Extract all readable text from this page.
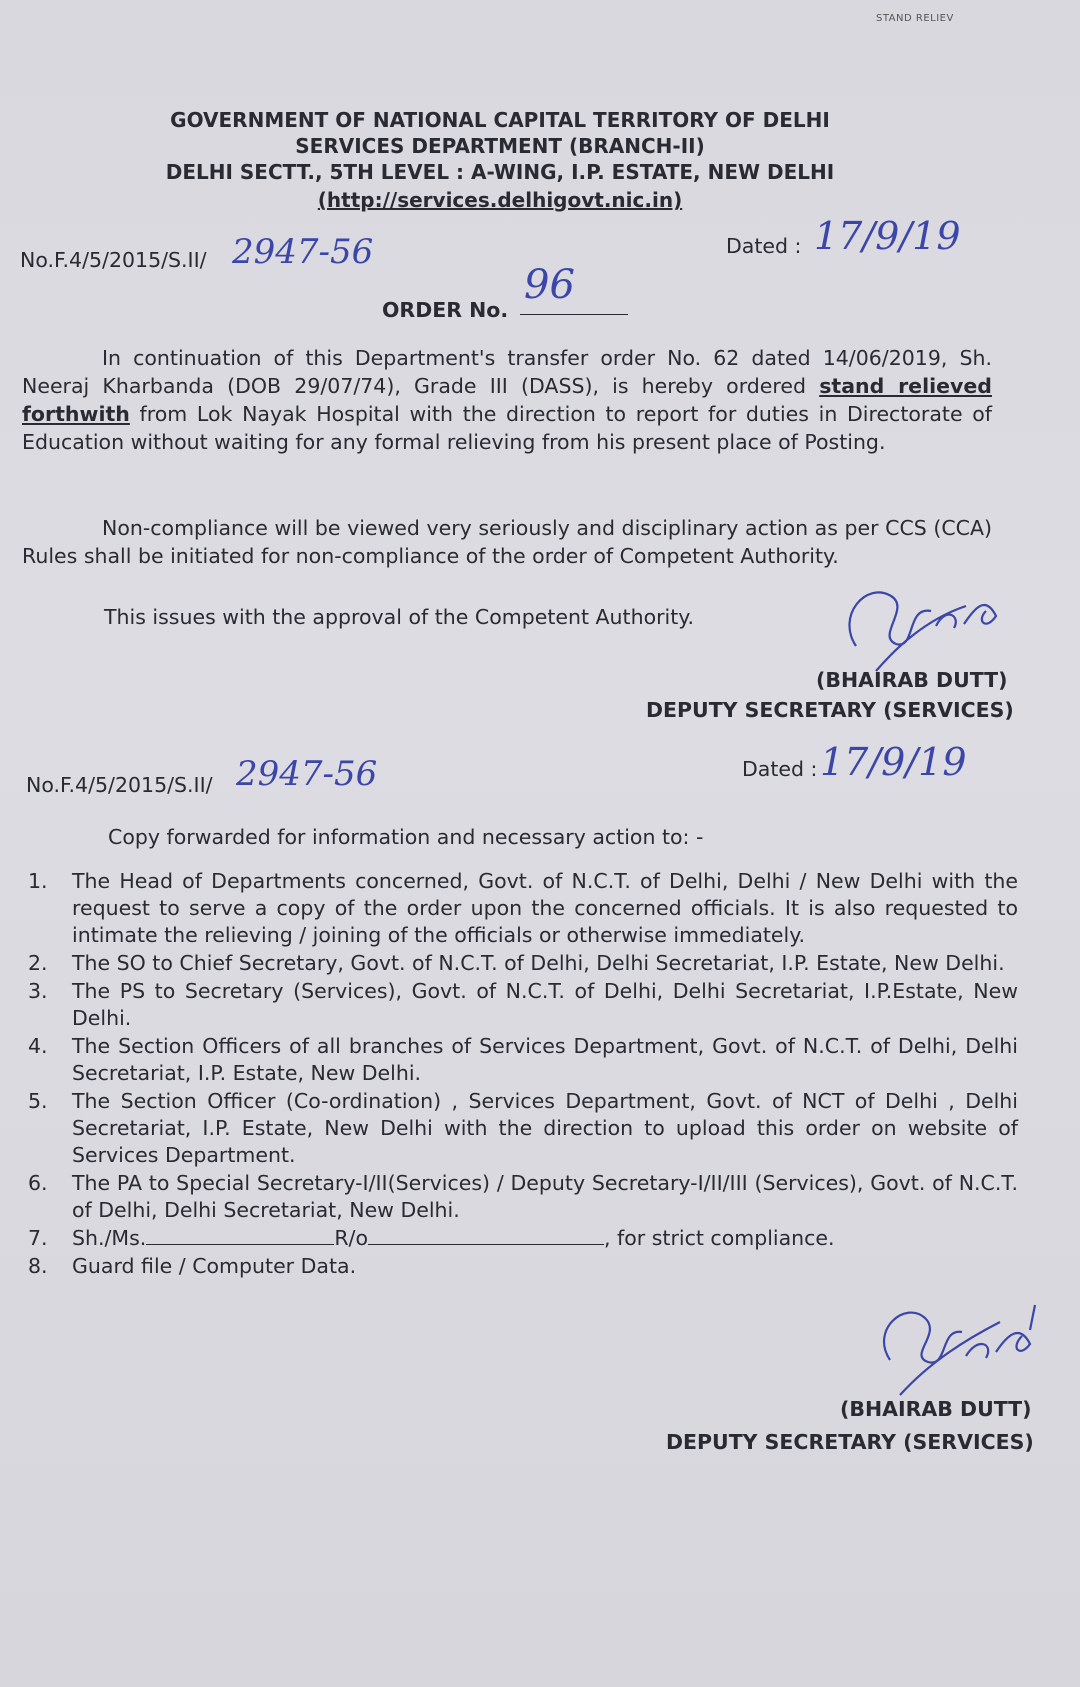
STAND RELIEV
GOVERNMENT OF NATIONAL CAPITAL TERRITORY OF DELHI
SERVICES DEPARTMENT (BRANCH-II)
DELHI SECTT., 5TH LEVEL : A-WING, I.P. ESTATE, NEW DELHI
(http://services.delhigovt.nic.in)
No.F.4/5/2015/S.II/ 2947-56	Dated : 17/9/19
ORDER No.
96
In continuation of this Department's transfer order No. 62 dated 14/06/2019, Sh. Neeraj Kharbanda (DOB 29/07/74), Grade III (DASS), is hereby ordered stand relieved forthwith from Lok Nayak Hospital with the direction to report for duties in Directorate of Education without waiting for any formal relieving from his present place of Posting.
Non-compliance will be viewed very seriously and disciplinary action as per CCS (CCA) Rules shall be initiated for non-compliance of the order of Competent Authority.
This issues with the approval of the Competent Authority.
(BHAIRAB DUTT)
DEPUTY SECRETARY (SERVICES)
No.F.4/5/2015/S.II/ 2947-56	Dated : 17/9/19
Copy forwarded for information and necessary action to: -
1.	The Head of Departments concerned, Govt. of N.C.T. of Delhi, Delhi / New Delhi with the request to serve a copy of the order upon the concerned officials. It is also requested to intimate the relieving / joining of the officials or otherwise immediately.
2.	The SO to Chief Secretary, Govt. of N.C.T. of Delhi, Delhi Secretariat, I.P. Estate, New Delhi.
3.	The PS to Secretary (Services), Govt. of N.C.T. of Delhi, Delhi Secretariat, I.P.Estate, New Delhi.
4.	The Section Officers of all branches of Services Department, Govt. of N.C.T. of Delhi, Delhi Secretariat, I.P. Estate, New Delhi.
5.	The Section Officer (Co-ordination) , Services Department, Govt. of NCT of Delhi , Delhi Secretariat, I.P. Estate, New Delhi with the direction to upload this order on website of Services Department.
6.	The PA to Special Secretary-I/II(Services) / Deputy Secretary-I/II/III (Services), Govt. of N.C.T. of Delhi, Delhi Secretariat, New Delhi.
7.	Sh./Ms.	R/o	, for strict compliance.
8.	Guard file / Computer Data.
(BHAIRAB DUTT)
DEPUTY SECRETARY (SERVICES)
